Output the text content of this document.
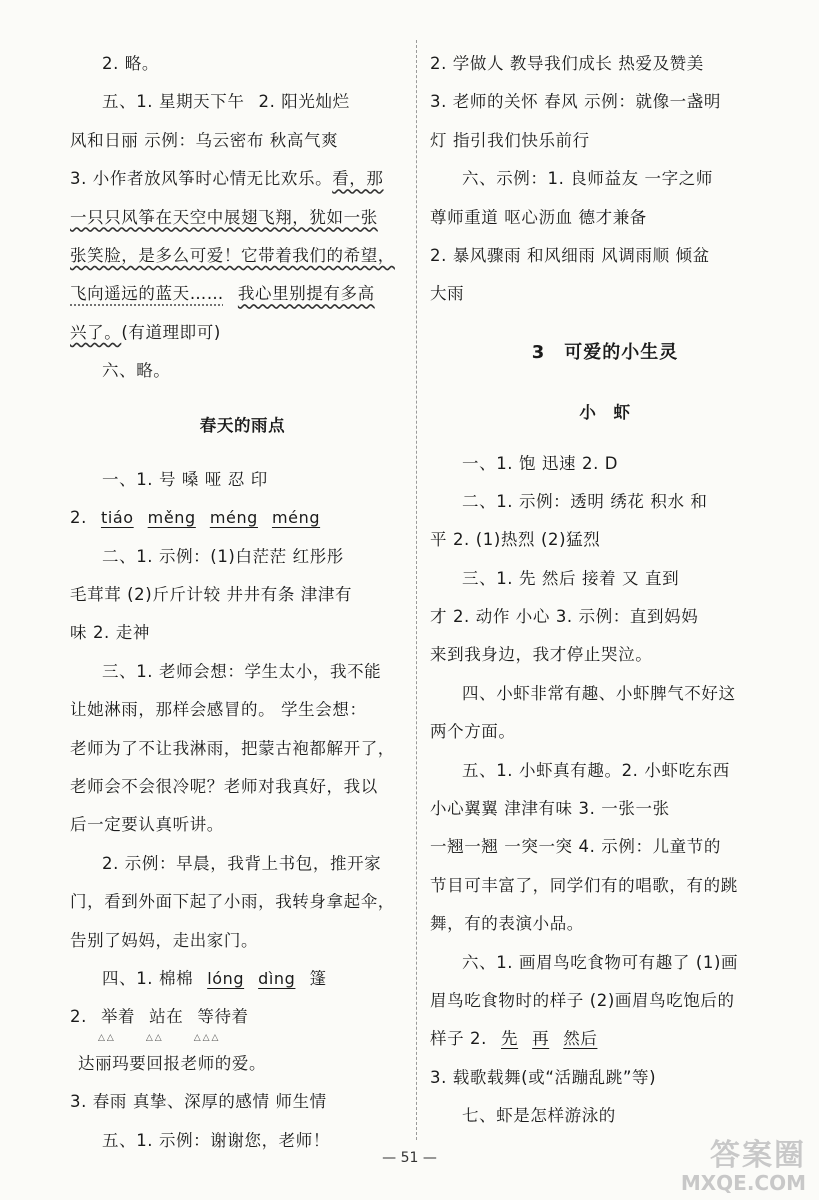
2. 略。

五、1. 星期天下午 2. 阳光灿烂

风和日丽 示例：乌云密布 秋高气爽

3. 小作者放风筝时心情无比欢乐。看，那

一只只风筝在天空中展翅飞翔，犹如一张

张笑脸，是多么可爱！它带着我们的希望，

飞向遥远的蓝天…… 我心里别提有多高

兴了。(有道理即可)

六、略。

春天的雨点

一、1. 号 嗓 哑 忍 印

2. tiáo měng méng méng

二、1. 示例：(1)白茫茫 红彤彤

毛茸茸 (2)斤斤计较 井井有条 津津有

味 2. 走神

三、1. 老师会想：学生太小，我不能

让她淋雨，那样会感冒的。 学生会想：

老师为了不让我淋雨，把蒙古袍都解开了，

老师会不会很冷呢？老师对我真好，我以

后一定要认真听讲。

2. 示例：早晨，我背上书包，推开家

门，看到外面下起了小雨，我转身拿起伞，

告别了妈妈，走出家门。

四、1. 棉棉 lóng dìng 篷

2. 举着 站在 等待着

△△	△△	△△△

达丽玛要回报老师的爱。

3. 春雨 真挚、深厚的感情 师生情

五、1. 示例：谢谢您，老师！

2. 学做人 教导我们成长 热爱及赞美

3. 老师的关怀 春风 示例：就像一盏明

灯 指引我们快乐前行

六、示例：1. 良师益友 一字之师

尊师重道 呕心沥血 德才兼备

2. 暴风骤雨 和风细雨 风调雨顺 倾盆

大雨

3　可爱的小生灵

小　虾

一、1. 饱 迅速 2. D

二、1. 示例：透明 绣花 积水 和

平 2. (1)热烈 (2)猛烈

三、1. 先 然后 接着 又 直到

才 2. 动作 小心 3. 示例：直到妈妈

来到我身边，我才停止哭泣。

四、小虾非常有趣、小虾脾气不好这

两个方面。

五、1. 小虾真有趣。2. 小虾吃东西

小心翼翼 津津有味 3. 一张一张

一翘一翘 一突一突 4. 示例：儿童节的

节目可丰富了，同学们有的唱歌，有的跳

舞，有的表演小品。

六、1. 画眉鸟吃食物可有趣了 (1)画

眉鸟吃食物时的样子 (2)画眉鸟吃饱后的

样子 2. 先 再 然后

3. 载歌载舞(或“活蹦乱跳”等)

七、虾是怎样游泳的

— 51 —	答案圈
MXQE.COM
